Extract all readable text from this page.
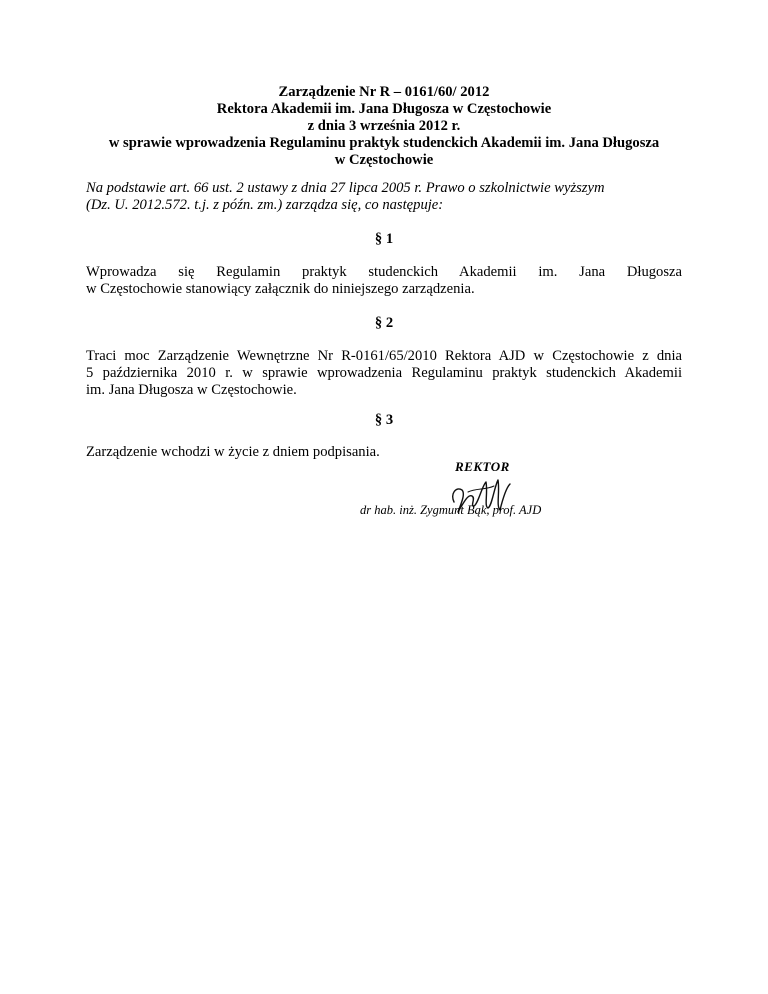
Zarządzenie Nr R – 0161/60/ 2012
Rektora Akademii im. Jana Długosza w Częstochowie
z dnia 3 września 2012 r.
w sprawie wprowadzenia Regulaminu praktyk studenckich Akademii im. Jana Długosza
w Częstochowie
Na podstawie art. 66 ust. 2 ustawy z dnia 27 lipca 2005 r. Prawo o szkolnictwie wyższym
(Dz. U. 2012.572. t.j. z późn. zm.) zarządza się, co następuje:
§ 1
Wprowadza się Regulamin praktyk studenckich Akademii im. Jana Długosza
w Częstochowie stanowiący załącznik do niniejszego zarządzenia.
§ 2
Traci moc Zarządzenie Wewnętrzne Nr R-0161/65/2010 Rektora AJD w Częstochowie z dnia
5 października 2010 r. w sprawie wprowadzenia Regulaminu praktyk studenckich Akademii
im. Jana Długosza w Częstochowie.
§ 3
Zarządzenie wchodzi w życie z dniem podpisania.
REKTOR
dr hab. inż. Zygmunt Bąk, prof. AJD
